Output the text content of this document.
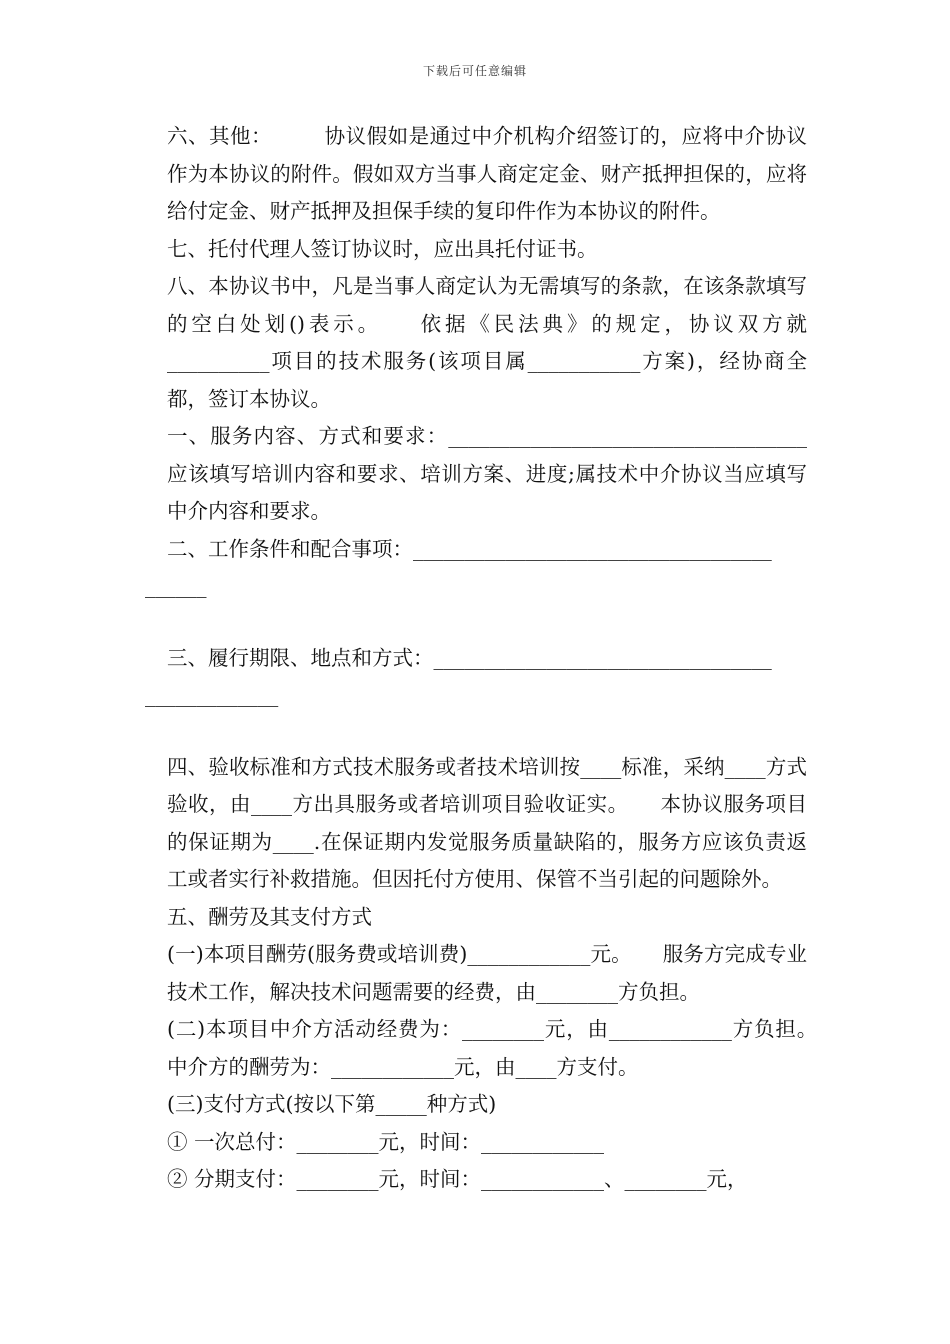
下载后可任意编辑

六、其他：　　　协议假如是通过中介机构介绍签订的，应将中介协议作为本协议的附件。假如双方当事人商定定金、财产抵押担保的，应将给付定金、财产抵押及担保手续的复印件作为本协议的附件。

七、托付代理人签订协议时，应出具托付证书。

八、本协议书中，凡是当事人商定认为无需填写的条款，在该条款填写的空白处划()表示。　　依据《民法典》的规定，协议双方就__________项目的技术服务(该项目属___________方案)，经协商全都，签订本协议。

一、服务内容、方式和要求：___________________________________应该填写培训内容和要求、培训方案、进度;属技术中介协议当应填写中介内容和要求。

二、工作条件和配合事项：___________________________________

______

三、履行期限、地点和方式：_________________________________

_____________

四、验收标准和方式技术服务或者技术培训按____标准，采纳____方式验收，由____方出具服务或者培训项目验收证实。　　本协议服务项目的保证期为____.在保证期内发觉服务质量缺陷的，服务方应该负责返工或者实行补救措施。但因托付方使用、保管不当引起的问题除外。

五、酬劳及其支付方式

(一)本项目酬劳(服务费或培训费)____________元。　　服务方完成专业技术工作，解决技术问题需要的经费，由________方负担。

(二)本项目中介方活动经费为：________元，由____________方负担。　　中介方的酬劳为：____________元，由____方支付。

(三)支付方式(按以下第_____种方式)

① 一次总付：________元，时间：____________

② 分期支付：________元，时间：____________、________元，
